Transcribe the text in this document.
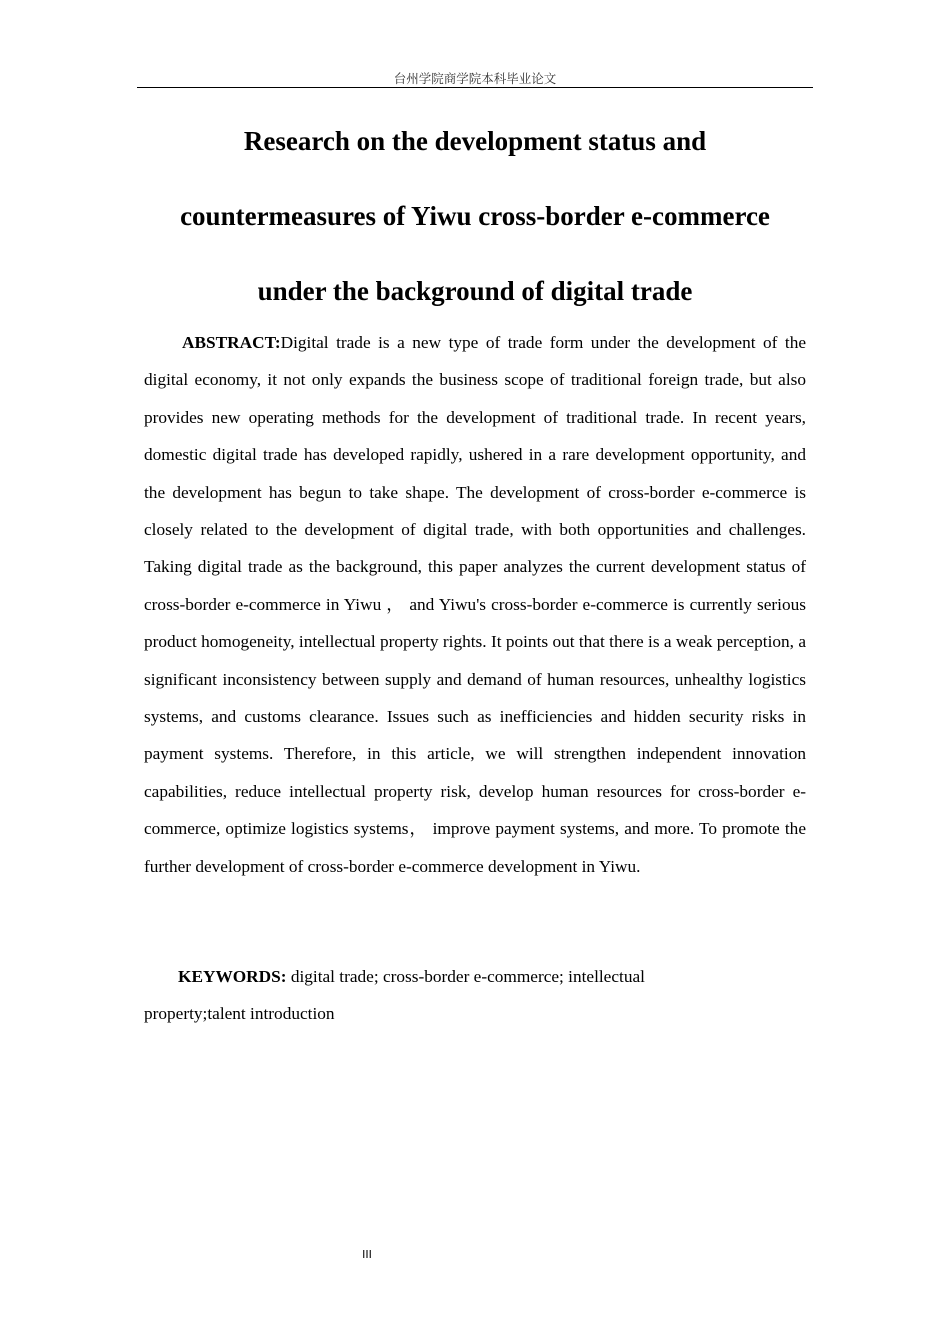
台州学院商学院本科毕业论文
Research on the development status and
countermeasures of Yiwu cross-border e-commerce
under the background of digital trade

ABSTRACT:Digital trade is a new type of trade form under the development of the digital economy, it not only expands the business scope of traditional foreign trade, but also provides new operating methods for the development of traditional trade. In recent years, domestic digital trade has developed rapidly, ushered in a rare development opportunity, and the development has begun to take shape. The development of cross-border e-commerce is closely related to the development of digital trade, with both opportunities and challenges. Taking digital trade as the background, this paper analyzes the current development status of cross-border e-commerce in Yiwu ， and Yiwu's cross-border e-commerce is currently serious product homogeneity, intellectual property rights. It points out that there is a weak perception, a significant inconsistency between supply and demand of human resources, unhealthy logistics systems, and customs clearance. Issues such as inefficiencies and hidden security risks in payment systems. Therefore, in this article, we will strengthen independent innovation capabilities, reduce intellectual property risk, develop human resources for cross-border e-commerce, optimize logistics systems， improve payment systems, and more. To promote the further development of cross-border e-commerce development in Yiwu.

KEYWORDS: digital trade; cross-border e-commerce; intellectual property;talent introduction

III
